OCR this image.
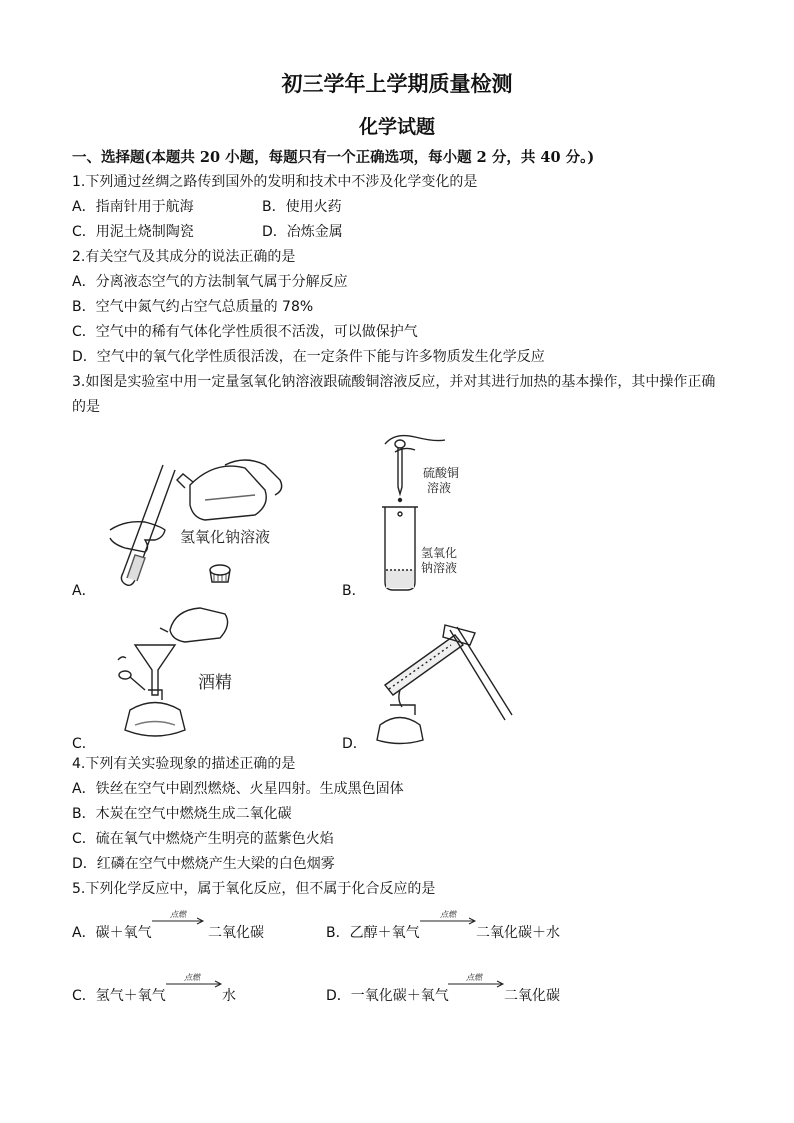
初三学年上学期质量检测
化学试题
一、选择题(本题共 20 小题，每题只有一个正确选项，每小题 2 分，共 40 分。)
1.下列通过丝绸之路传到国外的发明和技术中不涉及化学变化的是
A．指南针用于航海	B．使用火药
C．用泥土烧制陶瓷	D．冶炼金属
2.有关空气及其成分的说法正确的是
A．分离液态空气的方法制氧气属于分解反应
B．空气中氮气约占空气总质量的 78%
C．空气中的稀有气体化学性质很不活泼，可以做保护气
D．空气中的氧气化学性质很活泼，在一定条件下能与许多物质发生化学反应
3.如图是实验室中用一定量氢氧化钠溶液跟硫酸铜溶液反应，并对其进行加热的基本操作，其中操作正确
的是
氢氧化钠溶液
A．
硫酸铜
溶液
氢氧化
钠溶液
B．
酒精
C．	D．
4.下列有关实验现象的描述正确的是
A．铁丝在空气中剧烈燃烧、火星四射。生成黑色固体
B．木炭在空气中燃烧生成二氧化碳
C．硫在氧气中燃烧产生明亮的蓝紫色火焰
D．红磷在空气中燃烧产生大梁的白色烟雾
5.下列化学反应中，属于氧化反应，但不属于化合反应的是
A．碳＋氧气
点燃
二氧化碳	B．乙醇＋氧气
点燃
二氧化碳＋水
C．氢气＋氧气
点燃
水	D．一氧化碳＋氧气
点燃
二氧化碳
